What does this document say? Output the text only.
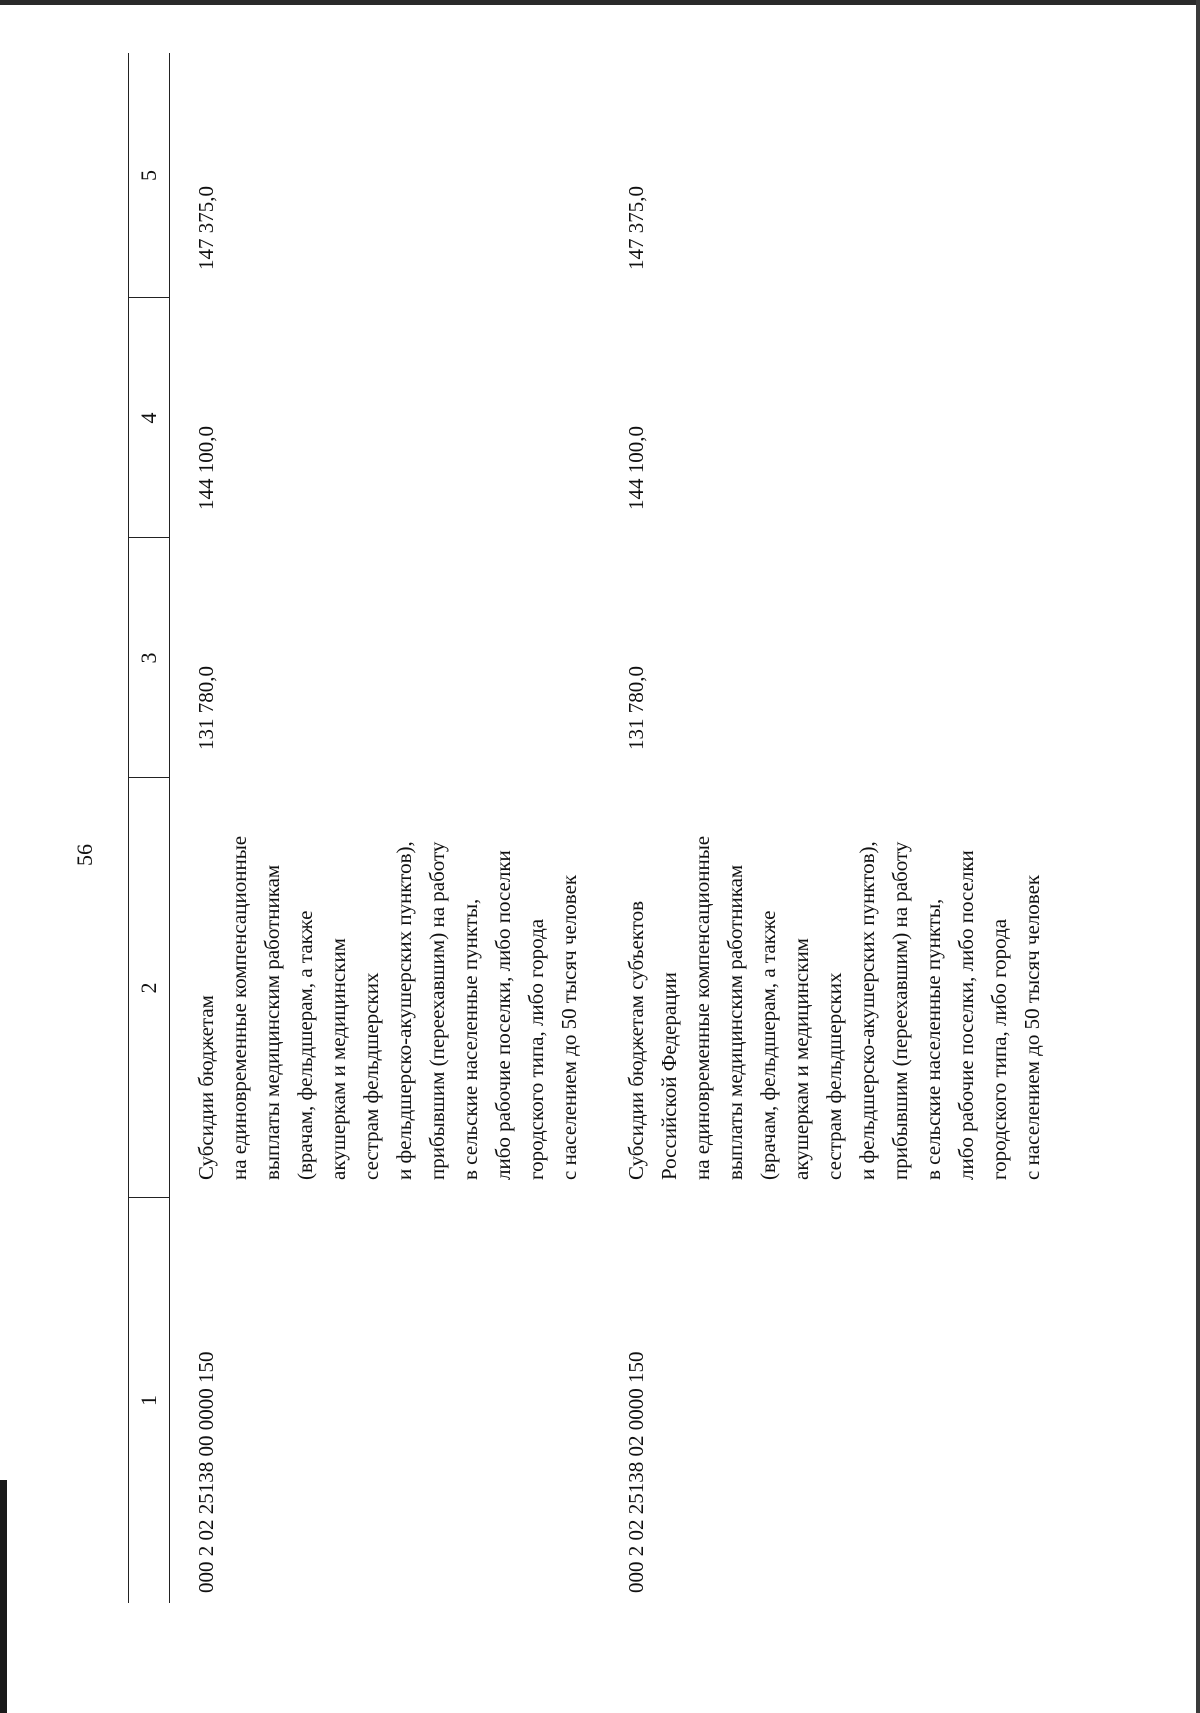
56
1
2
3
4
5
000 2 02 25138 00 0000 150
Субсидии бюджетам на единовременные компенсационные выплаты медицинским работникам (врачам, фельдшерам, а также акушеркам и медицинским сестрам фельдшерских и фельдшерско-акушерских пунктов), прибывшим (переехавшим) на работу в сельские населенные пункты, либо рабочие поселки, либо поселки городского типа, либо города с населением до 50 тысяч человек
131 780,0
144 100,0
147 375,0
000 2 02 25138 02 0000 150
Субсидии бюджетам субъектов Российской Федерации на единовременные компенсационные выплаты медицинским работникам (врачам, фельдшерам, а также акушеркам и медицинским сестрам фельдшерских и фельдшерско-акушерских пунктов), прибывшим (переехавшим) на работу в сельские населенные пункты, либо рабочие поселки, либо поселки городского типа, либо города с населением до 50 тысяч человек
131 780,0
144 100,0
147 375,0
